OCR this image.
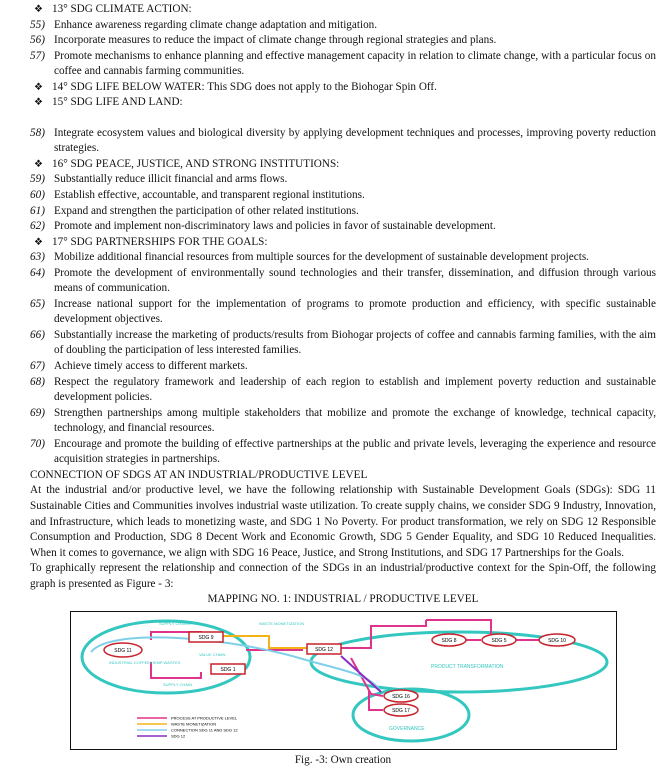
❖ 13° SDG CLIMATE ACTION:
55) Enhance awareness regarding climate change adaptation and mitigation.
56) Incorporate measures to reduce the impact of climate change through regional strategies and plans.
57) Promote mechanisms to enhance planning and effective management capacity in relation to climate change, with a particular focus on coffee and cannabis farming communities.
❖ 14° SDG LIFE BELOW WATER: This SDG does not apply to the Biohogar Spin Off.
❖ 15° SDG LIFE AND LAND:
58) Integrate ecosystem values and biological diversity by applying development techniques and processes, improving poverty reduction strategies.
❖ 16° SDG PEACE, JUSTICE, AND STRONG INSTITUTIONS:
59) Substantially reduce illicit financial and arms flows.
60) Establish effective, accountable, and transparent regional institutions.
61) Expand and strengthen the participation of other related institutions.
62) Promote and implement non-discriminatory laws and policies in favor of sustainable development.
❖ 17° SDG PARTNERSHIPS FOR THE GOALS:
63) Mobilize additional financial resources from multiple sources for the development of sustainable development projects.
64) Promote the development of environmentally sound technologies and their transfer, dissemination, and diffusion through various means of communication.
65) Increase national support for the implementation of programs to promote production and efficiency, with specific sustainable development objectives.
66) Substantially increase the marketing of products/results from Biohogar projects of coffee and cannabis farming families, with the aim of doubling the participation of less interested families.
67) Achieve timely access to different markets.
68) Respect the regulatory framework and leadership of each region to establish and implement poverty reduction and sustainable development policies.
69) Strengthen partnerships among multiple stakeholders that mobilize and promote the exchange of knowledge, technical capacity, technology, and financial resources.
70) Encourage and promote the building of effective partnerships at the public and private levels, leveraging the experience and resource acquisition strategies in partnerships.
CONNECTION OF SDGS AT AN INDUSTRIAL/PRODUCTIVE LEVEL
At the industrial and/or productive level, we have the following relationship with Sustainable Development Goals (SDGs): SDG 11 Sustainable Cities and Communities involves industrial waste utilization. To create supply chains, we consider SDG 9 Industry, Innovation, and Infrastructure, which leads to monetizing waste, and SDG 1 No Poverty. For product transformation, we rely on SDG 12 Responsible Consumption and Production, SDG 8 Decent Work and Economic Growth, SDG 5 Gender Equality, and SDG 10 Reduced Inequalities. When it comes to governance, we align with SDG 16 Peace, Justice, and Strong Institutions, and SDG 17 Partnerships for the Goals.
To graphically represent the relationship and connection of the SDGs in an industrial/productive context for the Spin-Off, the following graph is presented as Figure - 3:
MAPPING NO. 1: INDUSTRIAL / PRODUCTIVE LEVEL
SDG 11
SDG 9
SDG 1
SDG 12
SDG 8	SDG 5	SDG 10
SDG 16
SDG 17
SUPPLY CHAINS	WASTE MONETIZATION
VALUE CHAIN
INDUSTRIAL COFFEE/HEMP WASTES
SUPPLY CHAIN
PRODUCT TRANSFORMATION
GOVERNANCE
PROCESS AT PRODUCTIVE LEVEL
WASTE MONETIZATION
CONNECTION SDG 11 AND SDG 12
SDG 12
Fig. -3: Own creation
